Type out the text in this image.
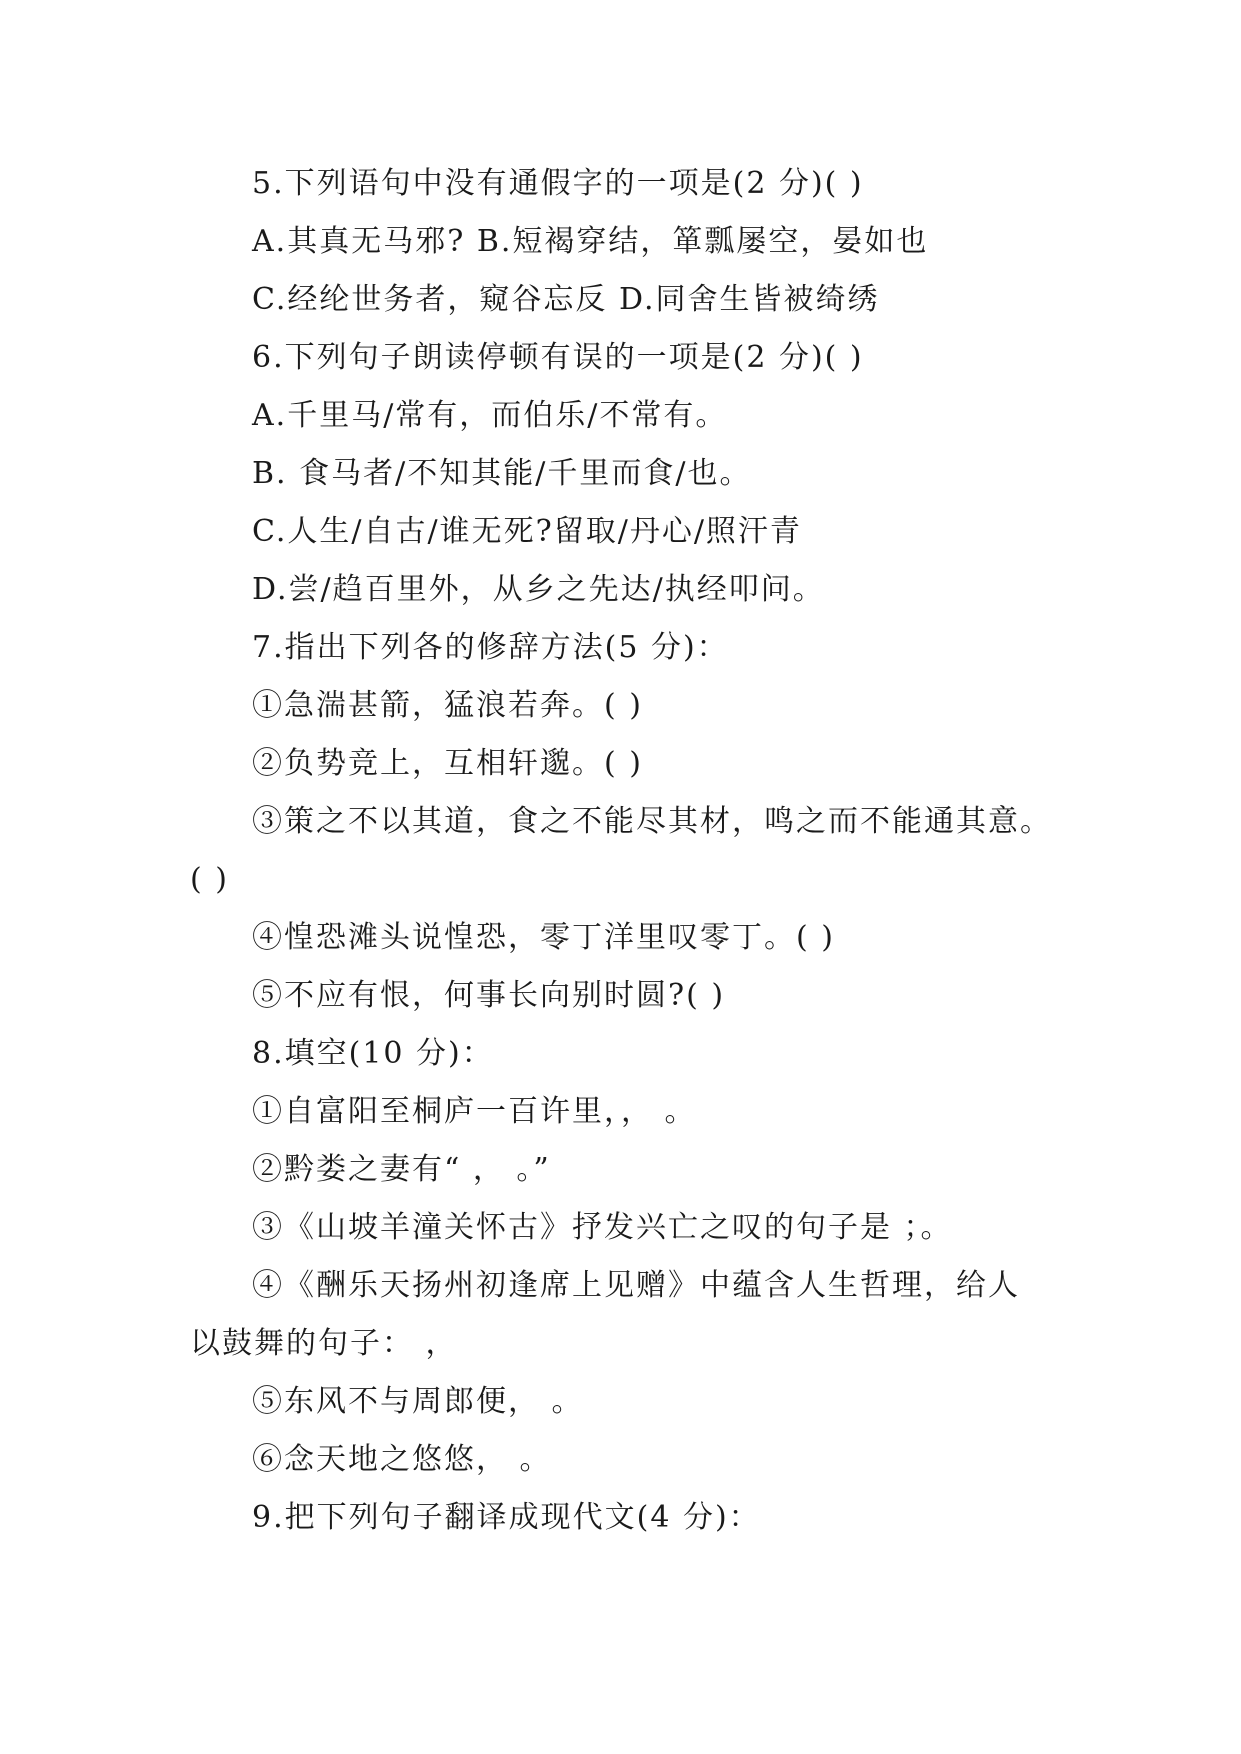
5.下列语句中没有通假字的一项是(2 分)( )
A.其真无马邪? B.短褐穿结，箪瓢屡空，晏如也
C.经纶世务者，窥谷忘反 D.同舍生皆被绮绣
6.下列句子朗读停顿有误的一项是(2 分)( )
A.千里马/常有，而伯乐/不常有。
B. 食马者/不知其能/千里而食/也。
C.人生/自古/谁无死?留取/丹心/照汗青
D.尝/趋百里外，从乡之先达/执经叩问。
7.指出下列各的修辞方法(5 分)：
①急湍甚箭，猛浪若奔。( )
②负势竞上，互相轩邈。( )
③策之不以其道，食之不能尽其材，鸣之而不能通其意。
( )
④惶恐滩头说惶恐，零丁洋里叹零丁。( )
⑤不应有恨，何事长向别时圆?( )
8.填空(10 分)：
①自富阳至桐庐一百许里，， 。
②黔娄之妻有“ ， 。”
③《山坡羊潼关怀古》抒发兴亡之叹的句子是 ；。
④《酬乐天扬州初逢席上见赠》中蕴含人生哲理，给人
以鼓舞的句子： ，
⑤东风不与周郎便， 。
⑥念天地之悠悠， 。
9.把下列句子翻译成现代文(4 分)：
